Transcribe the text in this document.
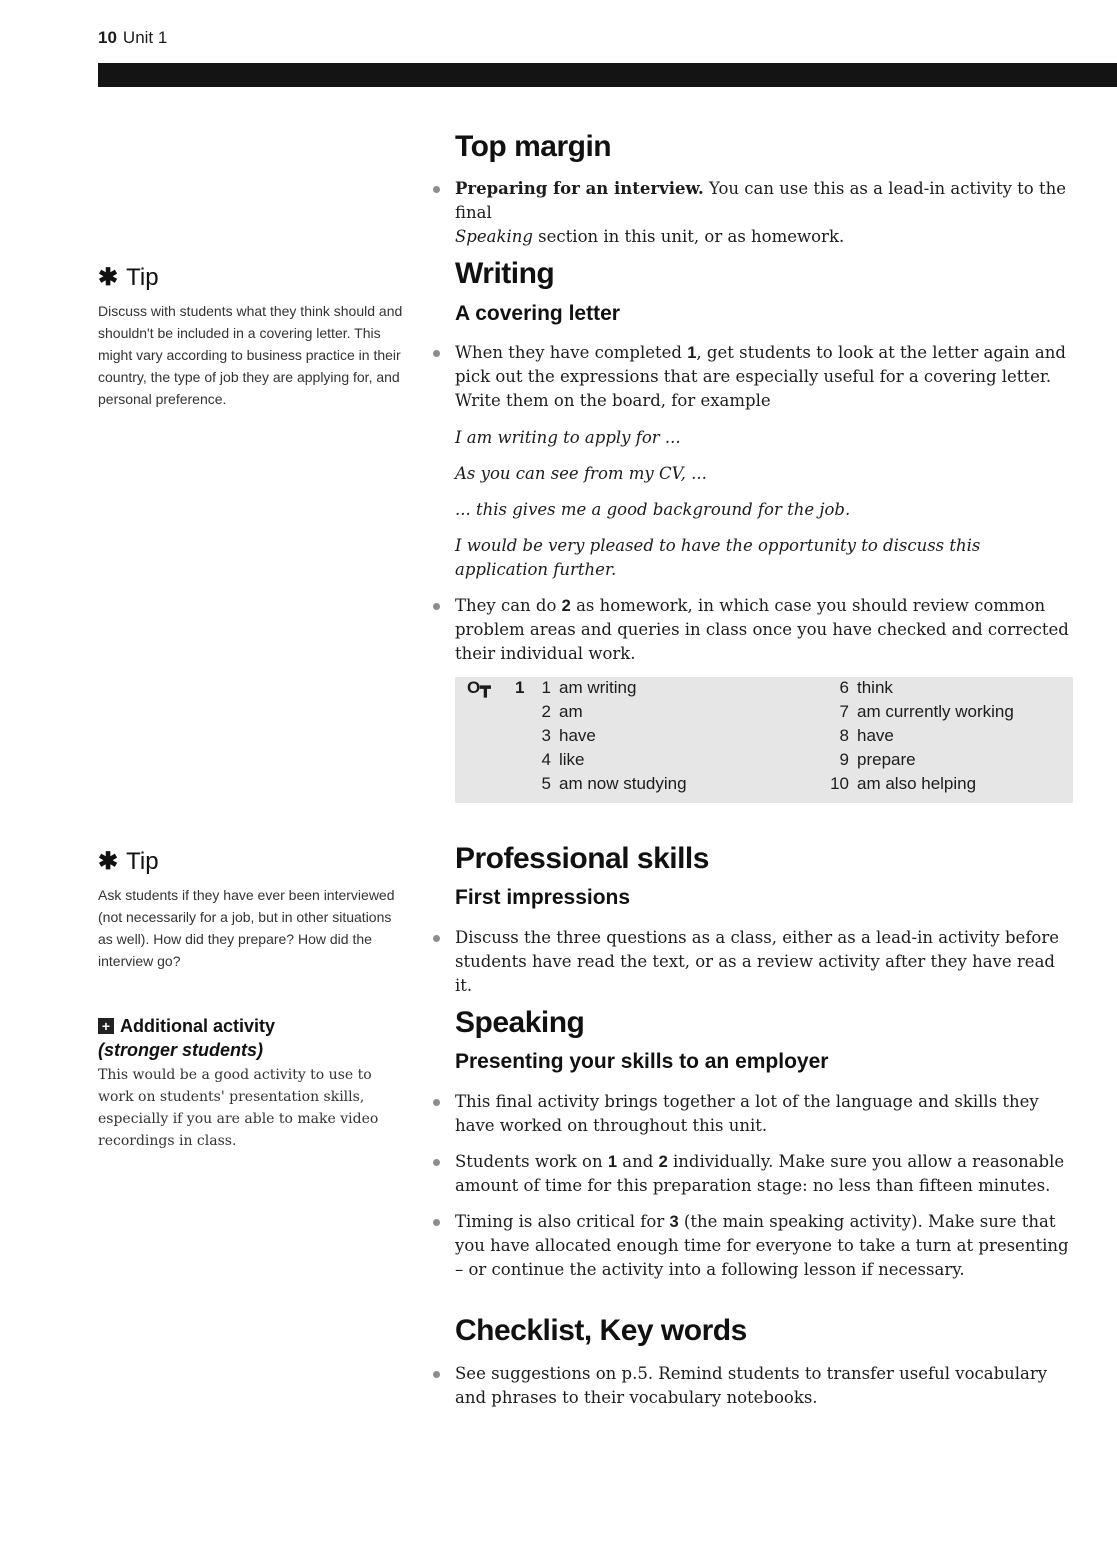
10 Unit 1
Top margin
Preparing for an interview. You can use this as a lead-in activity to the final
Speaking section in this unit, or as homework.
✱ Tip
Discuss with students what they think should and shouldn't be included in a covering letter. This might vary according to business practice in their country, the type of job they are applying for, and personal preference.
Writing
A covering letter
When they have completed 1, get students to look at the letter again and pick out the expressions that are especially useful for a covering letter. Write them on the board, for example
I am writing to apply for ...
As you can see from my CV, ...
... this gives me a good background for the job.
I would be very pleased to have the opportunity to discuss this application further.
They can do 2 as homework, in which case you should review common problem areas and queries in class once you have checked and corrected their individual work.
O┳ 1	1 am writing
2 am
3 have
4 like
5 am now studying
6 think
7 am currently working
8 have
9 prepare
10 am also helping
✱ Tip
Ask students if they have ever been interviewed (not necessarily for a job, but in other situations as well). How did they prepare? How did the interview go?
Professional skills
First impressions
Discuss the three questions as a class, either as a lead-in activity before students have read the text, or as a review activity after they have read it.
+ Additional activity
(stronger students)
This would be a good activity to use to work on students' presentation skills, especially if you are able to make video recordings in class.
Speaking
Presenting your skills to an employer
This final activity brings together a lot of the language and skills they have worked on throughout this unit.
Students work on 1 and 2 individually. Make sure you allow a reasonable amount of time for this preparation stage: no less than fifteen minutes.
Timing is also critical for 3 (the main speaking activity). Make sure that you have allocated enough time for everyone to take a turn at presenting – or continue the activity into a following lesson if necessary.
Checklist, Key words
See suggestions on p.5. Remind students to transfer useful vocabulary and phrases to their vocabulary notebooks.
